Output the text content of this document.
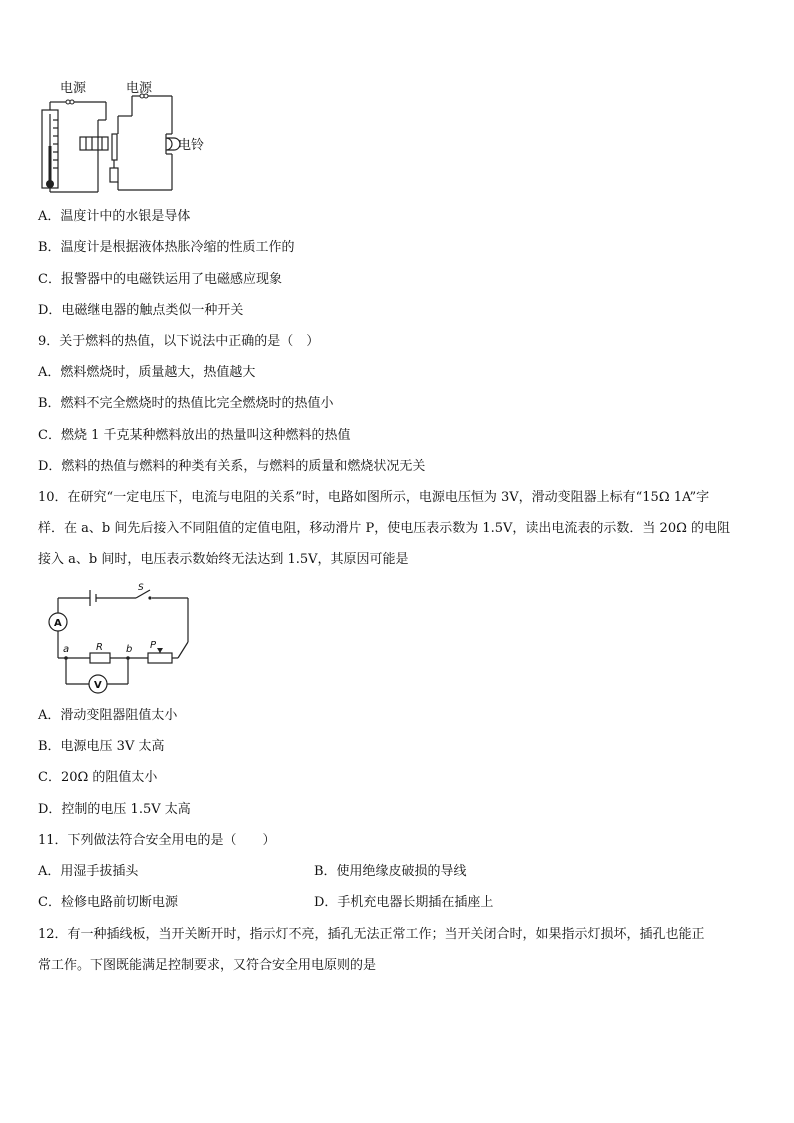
电源	电源
电铃
A．温度计中的水银是导体
B．温度计是根据液体热胀冷缩的性质工作的
C．报警器中的电磁铁运用了电磁感应现象
D．电磁继电器的触点类似一种开关
9．关于燃料的热值，以下说法中正确的是（　）
A．燃料燃烧时，质量越大，热值越大
B．燃料不完全燃烧时的热值比完全燃烧时的热值小
C．燃烧 1 千克某种燃料放出的热量叫这种燃料的热值
D．燃料的热值与燃料的种类有关系，与燃料的质量和燃烧状况无关
10．在研究“一定电压下，电流与电阻的关系”时，电路如图所示，电源电压恒为 3V，滑动变阻器上标有“15Ω 1A”字
样．在 a、b 间先后接入不同阻值的定值电阻，移动滑片 P，使电压表示数为 1.5V，读出电流表的示数．当 20Ω 的电阻
接入 a、b 间时，电压表示数始终无法达到 1.5V，其原因可能是
S
A
a	R b P
V
A．滑动变阻器阻值太小
B．电源电压 3V 太高
C．20Ω 的阻值太小
D．控制的电压 1.5V 太高
11．下列做法符合安全用电的是（　　）
A．用湿手拔插头	B．使用绝缘皮破损的导线
C．检修电路前切断电源	D．手机充电器长期插在插座上
12．有一种插线板，当开关断开时，指示灯不亮，插孔无法正常工作；当开关闭合时，如果指示灯损坏，插孔也能正
常工作。下图既能满足控制要求，又符合安全用电原则的是
